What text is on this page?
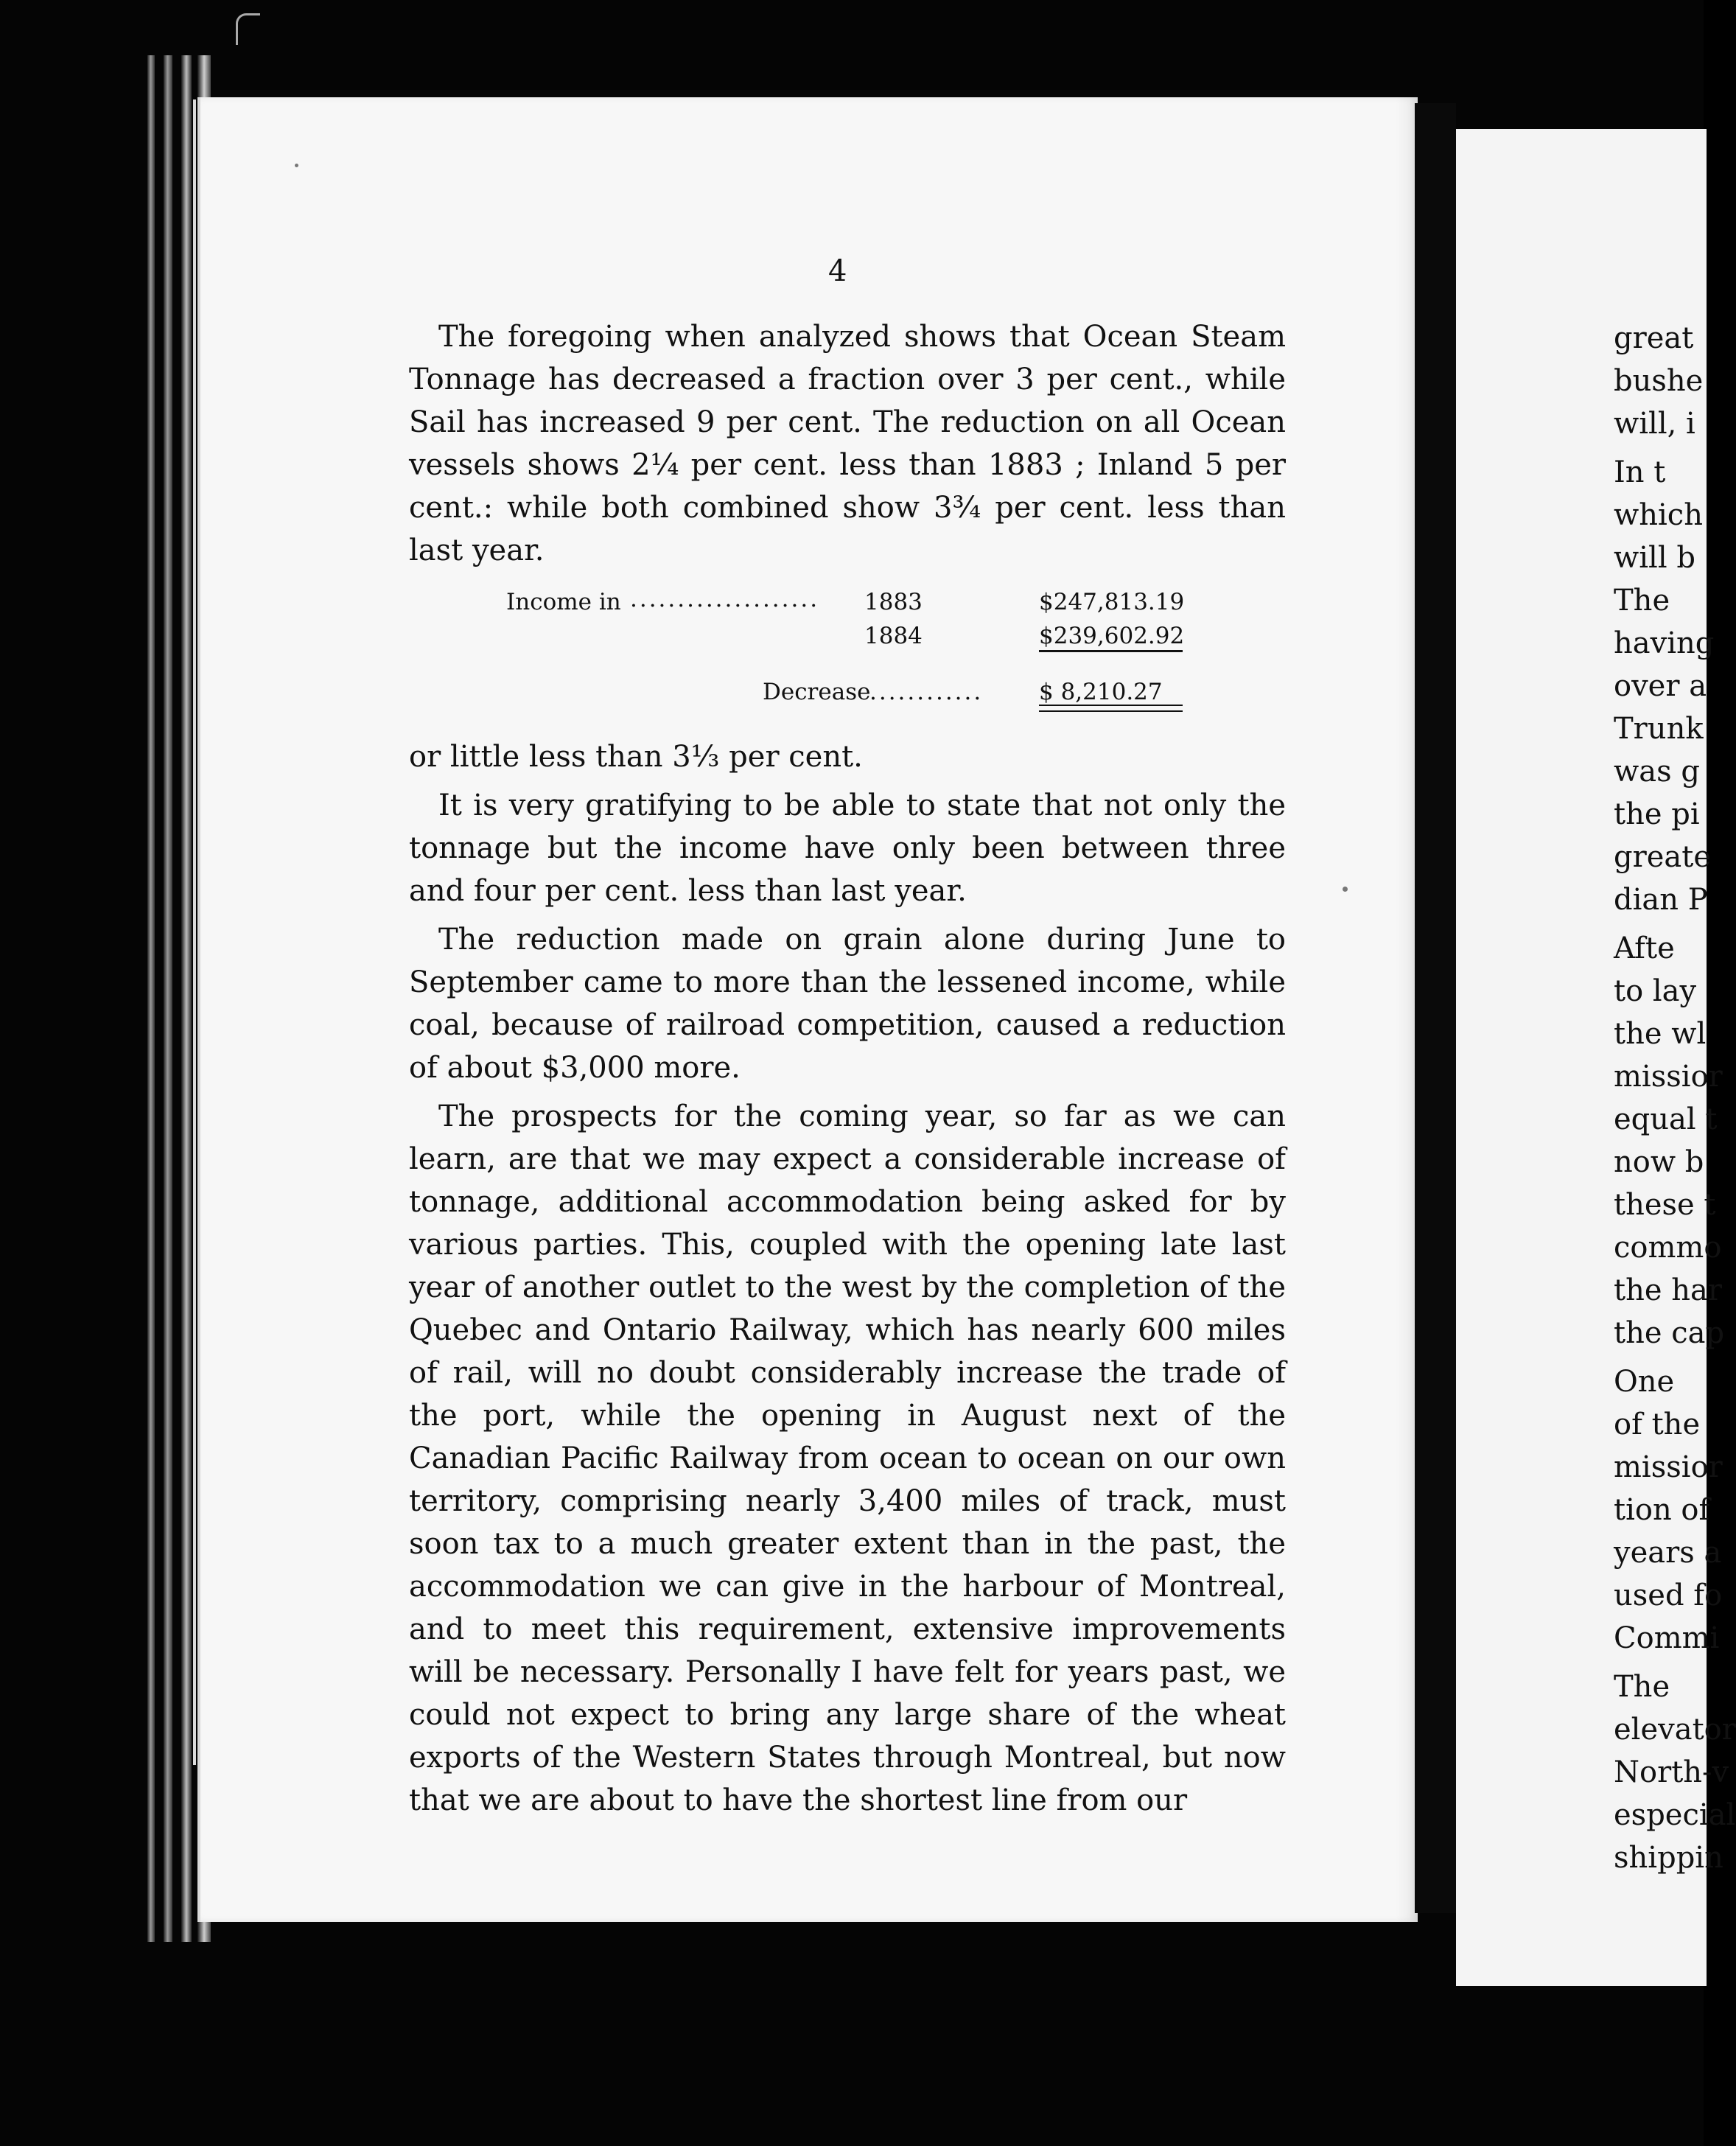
4

The foregoing when analyzed shows that Ocean Steam Tonnage has decreased a fraction over 3 per cent., while Sail has increased 9 per cent. The reduction on all Ocean vessels shows 2¼ per cent. less than 1883 ; Inland 5 per cent.: while both combined show 3¾ per cent. less than last year.

Income in .................... 1883	$247,813.19
1884	$239,602.92
Decrease
............ $ 8,210.27

or little less than 3⅓ per cent.

It is very gratifying to be able to state that not only the tonnage but the income have only been between three and four per cent. less than last year.

The reduction made on grain alone during June to September came to more than the lessened income, while coal, because of railroad competition, caused a reduction of about $3,000 more.

The prospects for the coming year, so far as we can learn, are that we may expect a considerable increase of tonnage, additional accommodation being asked for by various parties. This, coupled with the opening late last year of another outlet to the west by the completion of the Quebec and Ontario Railway, which has nearly 600 miles of rail, will no doubt considerably increase the trade of the port, while the opening in August next of the Canadian Pacific Railway from ocean to ocean on our own territory, comprising nearly 3,400 miles of track, must soon tax to a much greater extent than in the past, the accommodation we can give in the harbour of Montreal, and to meet this requirement, extensive improvements will be necessary. Personally I have felt for years past, we could not expect to bring any large share of the wheat exports of the Western States through Montreal, but now that we are about to have the shortest line from our

great
bushe
will, i
In t
which
will b
The
having
over a
Trunk
was g
the pi
greate
dian P
Afte
to lay
the wl
missior
equal t
now b
these t
commo
the har
the cap
One
of the
missior
tion of
years a
used fo
Commi
The
elevator
North-v
especial
shippin
